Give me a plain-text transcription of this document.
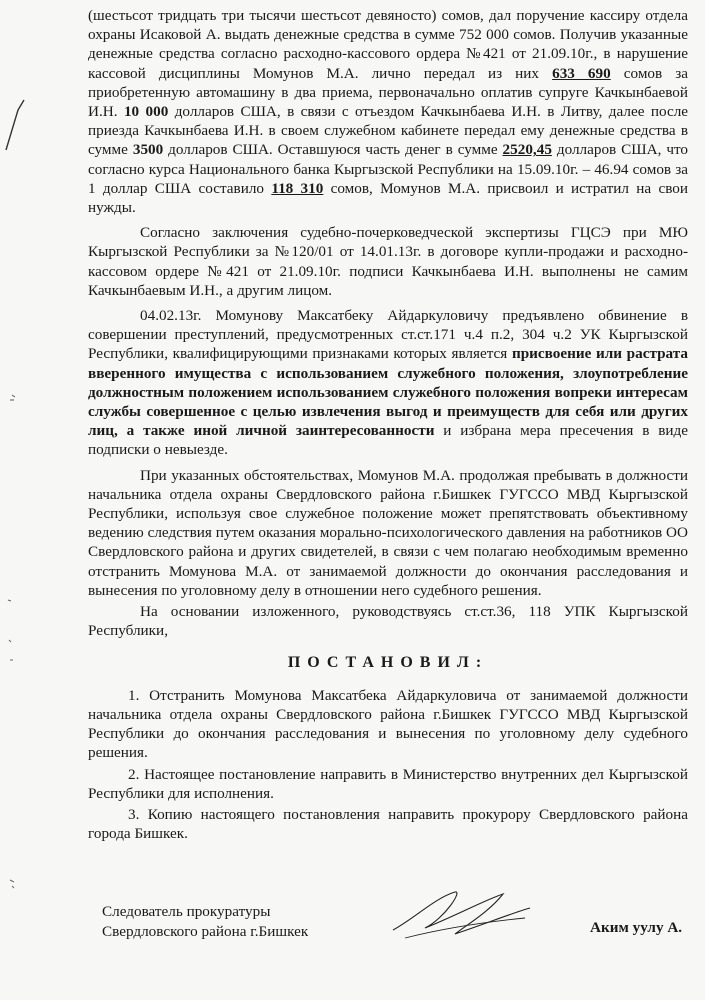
(шестьсот тридцать три тысячи шестьсот девяносто) сомов, дал поручение кассиру отдела охраны Исаковой А. выдать денежные средства в сумме 752 000 сомов. Получив указанные денежные средства согласно расходно-кассового ордера №421 от 21.09.10г., в нарушение кассовой дисциплины Момунов М.А. лично передал из них 633 690 сомов за приобретенную автомашину в два приема, первоначально оплатив супруге Качкынбаевой И.Н. 10 000 долларов США, в связи с отъездом Качкынбаева И.Н. в Литву, далее после приезда Качкынбаева И.Н. в своем служебном кабинете передал ему денежные средства в сумме 3500 долларов США. Оставшуюся часть денег в сумме 2520,45 долларов США, что согласно курса Национального банка Кыргызской Республики на 15.09.10г. – 46.94 сомов за 1 доллар США составило 118 310 сомов, Момунов М.А. присвоил и истратил на свои нужды.

Согласно заключения судебно-почерковедческой экспертизы ГЦСЭ при МЮ Кыргызской Республики за №120/01 от 14.01.13г. в договоре купли-продажи и расходно-кассовом ордере №421 от 21.09.10г. подписи Качкынбаева И.Н. выполнены не самим Качкынбаевым И.Н., а другим лицом.

04.02.13г. Момунову Максатбеку Айдаркуловичу предъявлено обвинение в совершении преступлений, предусмотренных ст.ст.171 ч.4 п.2, 304 ч.2 УК Кыргызской Республики, квалифицирующими признаками которых является присвоение или растрата вверенного имущества с использованием служебного положения, злоупотребление должностным положением использованием служебного положения вопреки интересам службы совершенное с целью извлечения выгод и преимуществ для себя или других лиц, а также иной личной заинтересованности и избрана мера пресечения в виде подписки о невыезде.

При указанных обстоятельствах, Момунов М.А. продолжая пребывать в должности начальника отдела охраны Свердловского района г.Бишкек ГУГССО МВД Кыргызской Республики, используя свое служебное положение может препятствовать объективному ведению следствия путем оказания морально-психологического давления на работников ОО Свердловского района и других свидетелей, в связи с чем полагаю необходимым временно отстранить Момунова М.А. от занимаемой должности до окончания расследования и вынесения по уголовному делу в отношении него судебного решения.

На основании изложенного, руководствуясь ст.ст.36, 118 УПК Кыргызской Республики,

ПОСТАНОВИЛ:

1. Отстранить Момунова Максатбека Айдаркуловича от занимаемой должности начальника отдела охраны Свердловского района г.Бишкек ГУГССО МВД Кыргызской Республики до окончания расследования и вынесения по уголовному делу судебного решения.

2. Настоящее постановление направить в Министерство внутренних дел Кыргызской Республики для исполнения.

3. Копию настоящего постановления направить прокурору Свердловского района города Бишкек.

Следователь прокуратуры
Свердловского района г.Бишкек	Аким уулу А.
